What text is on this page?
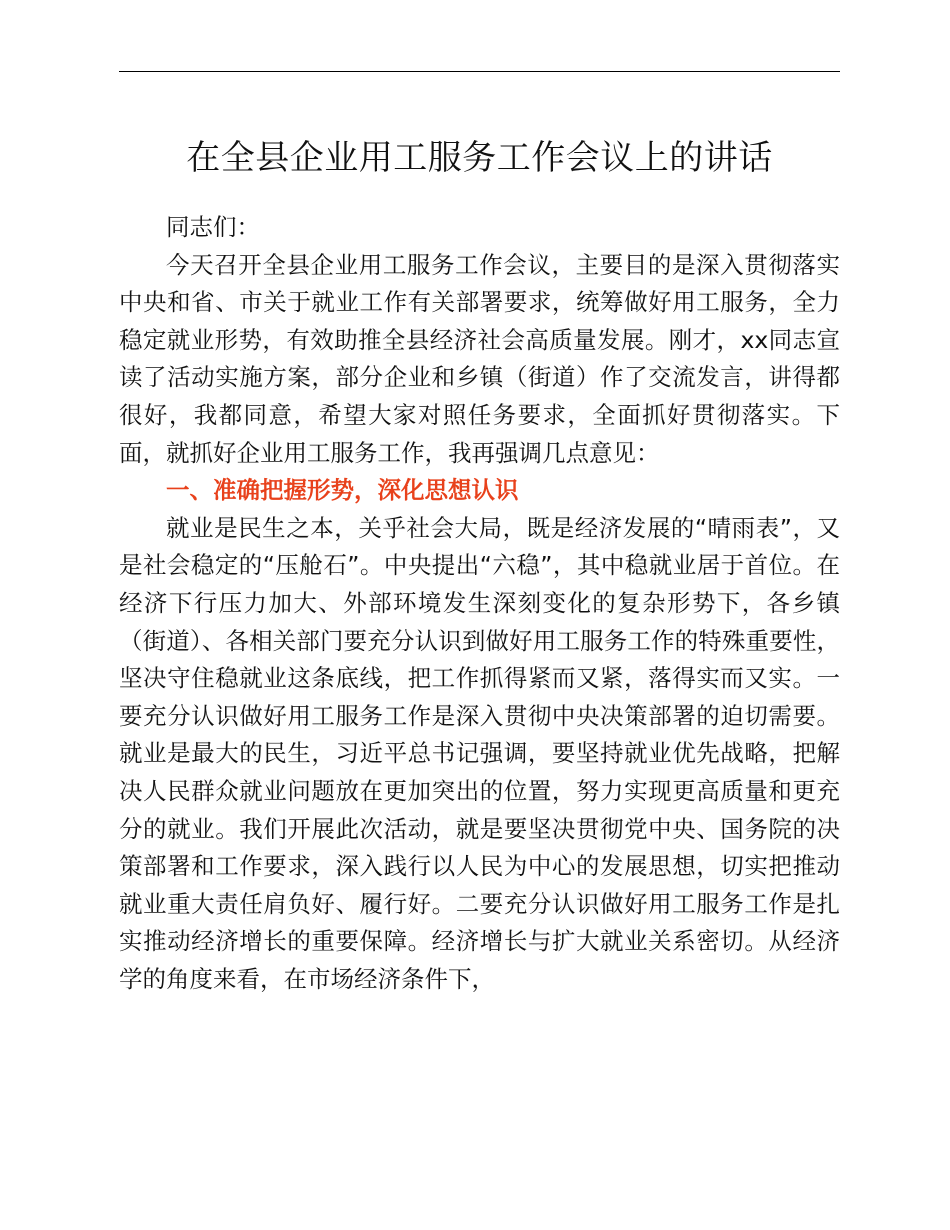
在全县企业用工服务工作会议上的讲话

同志们：

今天召开全县企业用工服务工作会议，主要目的是深入贯彻落实中央和省、市关于就业工作有关部署要求，统筹做好用工服务，全力稳定就业形势，有效助推全县经济社会高质量发展。刚才，xx同志宣读了活动实施方案，部分企业和乡镇（街道）作了交流发言，讲得都很好，我都同意，希望大家对照任务要求，全面抓好贯彻落实。下面，就抓好企业用工服务工作，我再强调几点意见：

一、准确把握形势，深化思想认识

就业是民生之本，关乎社会大局，既是经济发展的“晴雨表”，又是社会稳定的“压舱石”。中央提出“六稳”，其中稳就业居于首位。在经济下行压力加大、外部环境发生深刻变化的复杂形势下，各乡镇（街道）、各相关部门要充分认识到做好用工服务工作的特殊重要性，坚决守住稳就业这条底线，把工作抓得紧而又紧，落得实而又实。一要充分认识做好用工服务工作是深入贯彻中央决策部署的迫切需要。就业是最大的民生，习近平总书记强调，要坚持就业优先战略，把解决人民群众就业问题放在更加突出的位置，努力实现更高质量和更充分的就业。我们开展此次活动，就是要坚决贯彻党中央、国务院的决策部署和工作要求，深入践行以人民为中心的发展思想，切实把推动就业重大责任肩负好、履行好。二要充分认识做好用工服务工作是扎实推动经济增长的重要保障。经济增长与扩大就业关系密切。从经济学的角度来看，在市场经济条件下，
